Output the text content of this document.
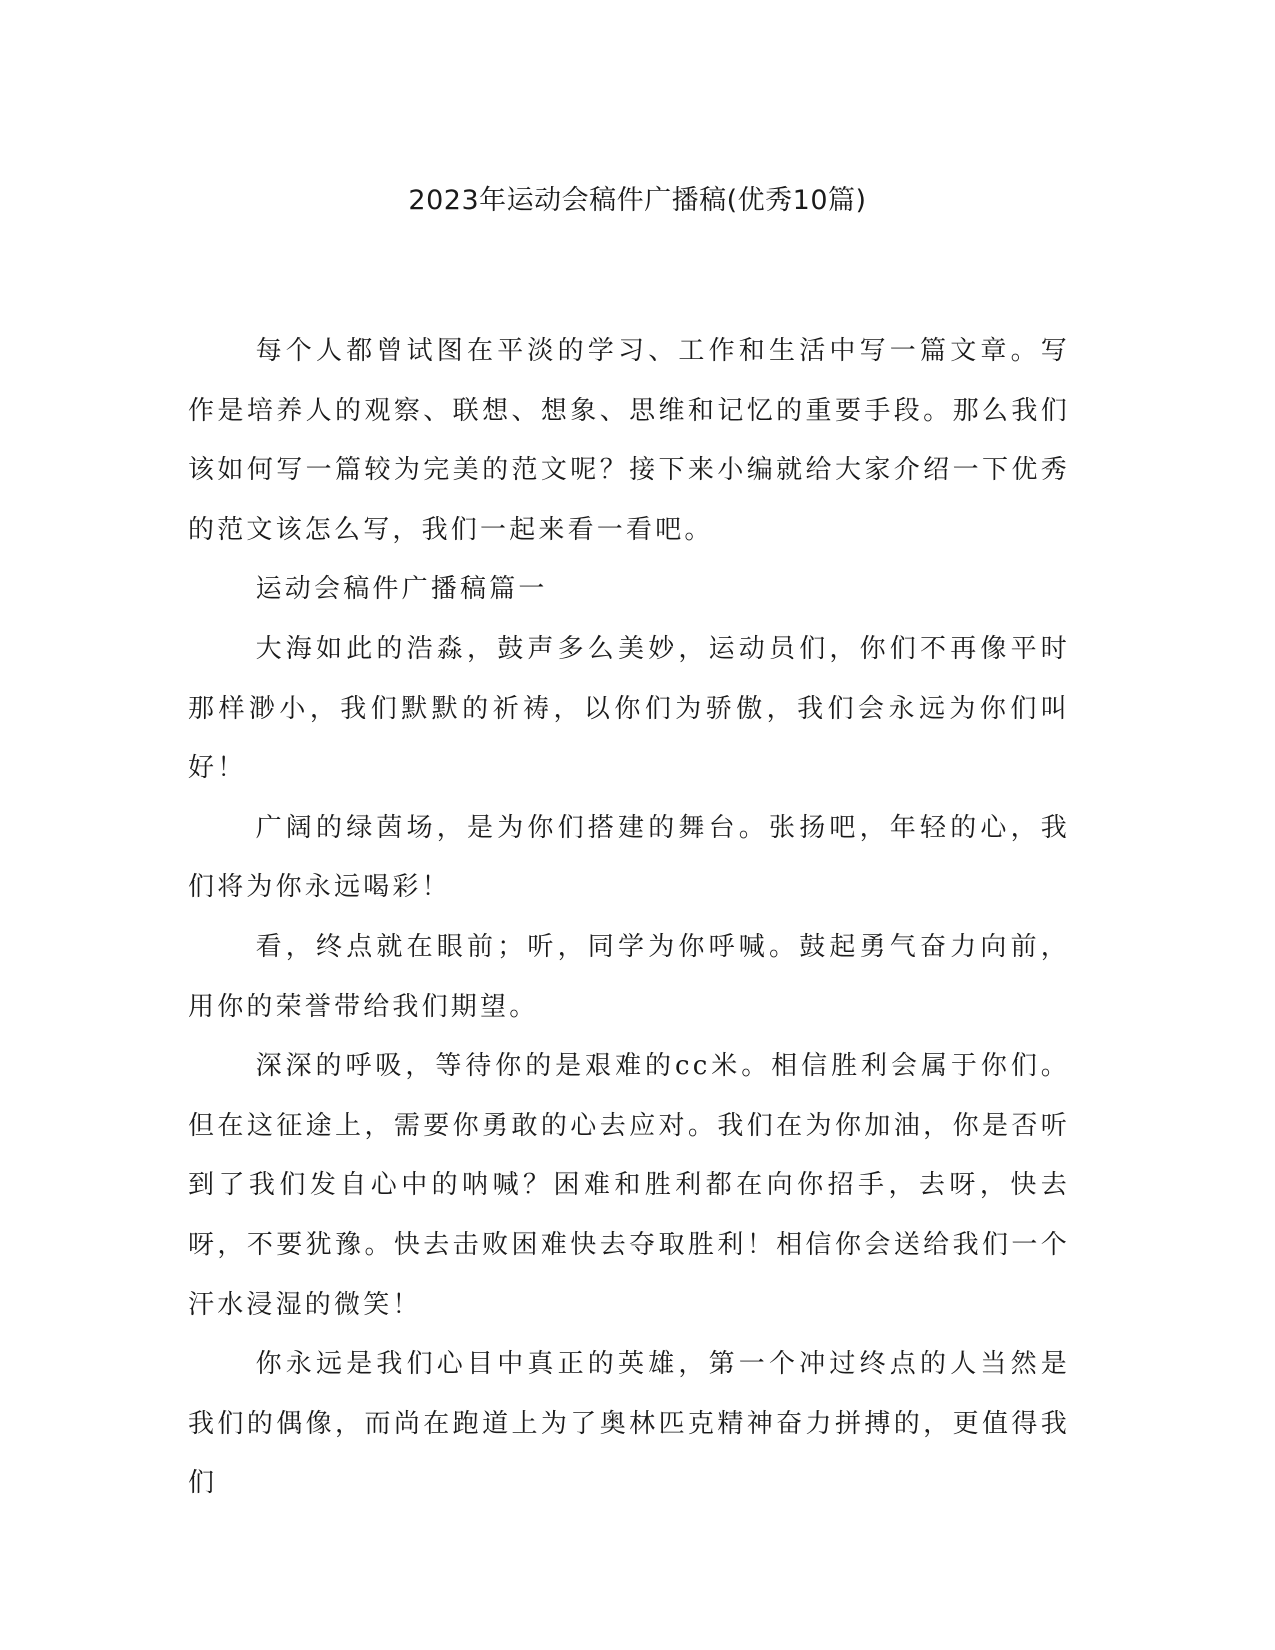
2023年运动会稿件广播稿(优秀10篇)

每个人都曾试图在平淡的学习、工作和生活中写一篇文章。写作是培养人的观察、联想、想象、思维和记忆的重要手段。那么我们该如何写一篇较为完美的范文呢？接下来小编就给大家介绍一下优秀的范文该怎么写，我们一起来看一看吧。

运动会稿件广播稿篇一

大海如此的浩淼，鼓声多么美妙，运动员们，你们不再像平时那样渺小，我们默默的祈祷，以你们为骄傲，我们会永远为你们叫好！

广阔的绿茵场，是为你们搭建的舞台。张扬吧，年轻的心，我们将为你永远喝彩！

看，终点就在眼前；听，同学为你呼喊。鼓起勇气奋力向前，用你的荣誉带给我们期望。

深深的呼吸，等待你的是艰难的cc米。相信胜利会属于你们。但在这征途上，需要你勇敢的心去应对。我们在为你加油，你是否听到了我们发自心中的呐喊？困难和胜利都在向你招手，去呀，快去呀，不要犹豫。快去击败困难快去夺取胜利！相信你会送给我们一个汗水浸湿的微笑！

你永远是我们心目中真正的英雄，第一个冲过终点的人当然是我们的偶像，而尚在跑道上为了奥林匹克精神奋力拼搏的，更值得我们
